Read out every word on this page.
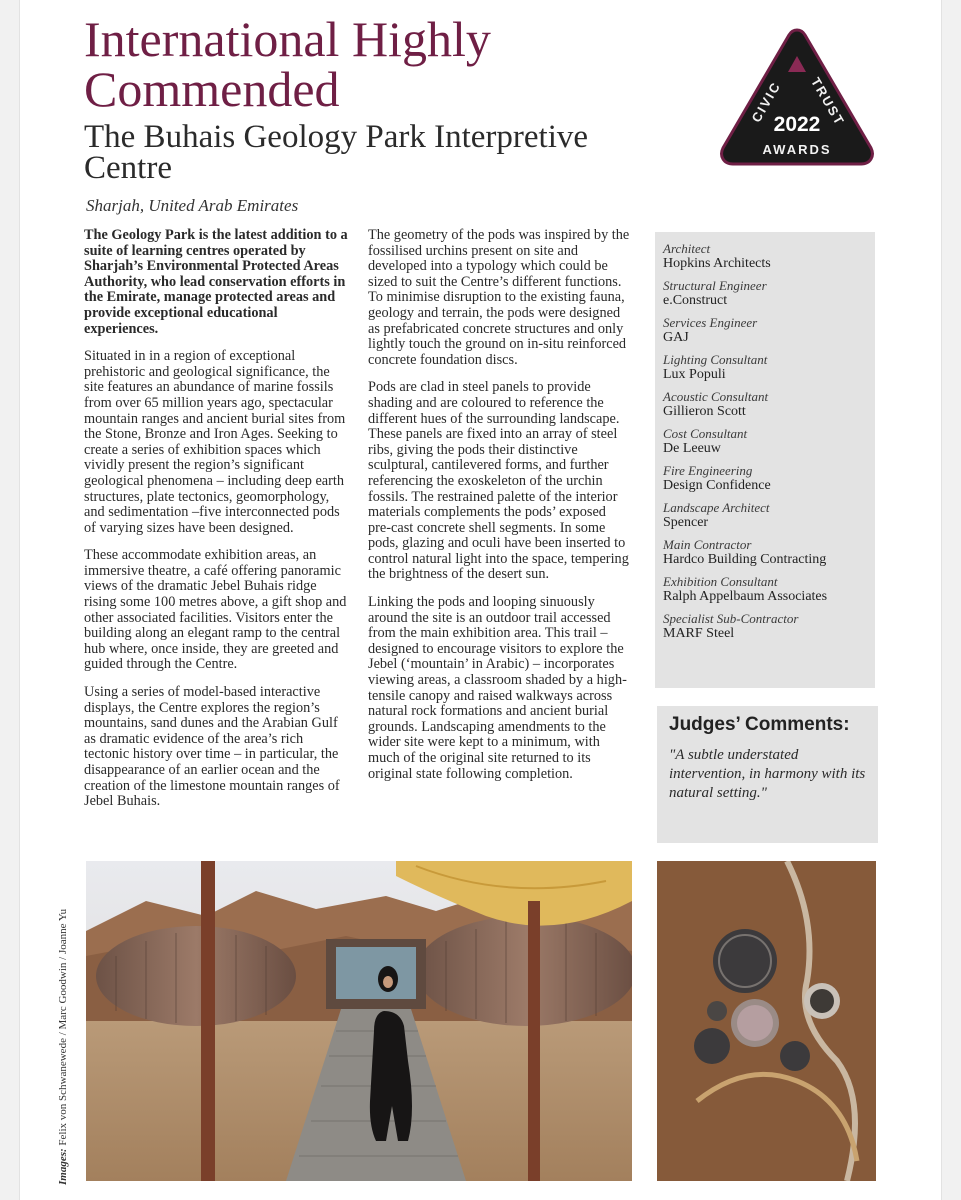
International Highly Commended
The Buhais Geology Park Interpretive Centre
Sharjah, United Arab Emirates
CIVIC TRUST
2022
AWARDS

The Geology Park is the latest addition to a suite of learning centres operated by Sharjah’s Environmental Protected Areas Authority, who lead conservation efforts in the Emirate, manage protected areas and provide exceptional educational experiences.

Situated in in a region of exceptional prehistoric and geological significance, the site features an abundance of marine fossils from over 65 million years ago, spectacular mountain ranges and ancient burial sites from the Stone, Bronze and Iron Ages. Seeking to create a series of exhibition spaces which vividly present the region’s significant geological phenomena – including deep earth structures, plate tectonics, geomorphology, and sedimentation –five interconnected pods of varying sizes have been designed.

These accommodate exhibition areas, an immersive theatre, a café offering panoramic views of the dramatic Jebel Buhais ridge rising some 100 metres above, a gift shop and other associated facilities. Visitors enter the building along an elegant ramp to the central hub where, once inside, they are greeted and guided through the Centre.

Using a series of model-based interactive displays, the Centre explores the region’s mountains, sand dunes and the Arabian Gulf as dramatic evidence of the area’s rich tectonic history over time – in particular, the disappearance of an earlier ocean and the creation of the limestone mountain ranges of Jebel Buhais.

The geometry of the pods was inspired by the fossilised urchins present on site and developed into a typology which could be sized to suit the Centre’s different functions. To minimise disruption to the existing fauna, geology and terrain, the pods were designed as prefabricated concrete structures and only lightly touch the ground on in-situ reinforced concrete foundation discs.

Pods are clad in steel panels to provide shading and are coloured to reference the different hues of the surrounding landscape. These panels are fixed into an array of steel ribs, giving the pods their distinctive sculptural, cantilevered forms, and further referencing the exoskeleton of the urchin fossils. The restrained palette of the interior materials complements the pods’ exposed pre-cast concrete shell segments. In some pods, glazing and oculi have been inserted to control natural light into the space, tempering the brightness of the desert sun.

Linking the pods and looping sinuously around the site is an outdoor trail accessed from the main exhibition area. This trail – designed to encourage visitors to explore the Jebel (‘mountain’ in Arabic) – incorporates viewing areas, a classroom shaded by a high-tensile canopy and raised walkways across natural rock formations and ancient burial grounds. Landscaping amendments to the wider site were kept to a minimum, with much of the original site returned to its original state following completion.

Architect
Hopkins Architects
Structural Engineer
e.Construct
Services Engineer
GAJ
Lighting Consultant
Lux Populi
Acoustic Consultant
Gillieron Scott
Cost Consultant
De Leeuw
Fire Engineering
Design Confidence
Landscape Architect
Spencer
Main Contractor
Hardco Building Contracting
Exhibition Consultant
Ralph Appelbaum Associates
Specialist Sub-Contractor
MARF Steel
Judges’ Comments:
"A subtle understated intervention, in harmony with its natural setting."
Images: Felix von Schwanewede / Marc Goodwin / Joanne Yu
